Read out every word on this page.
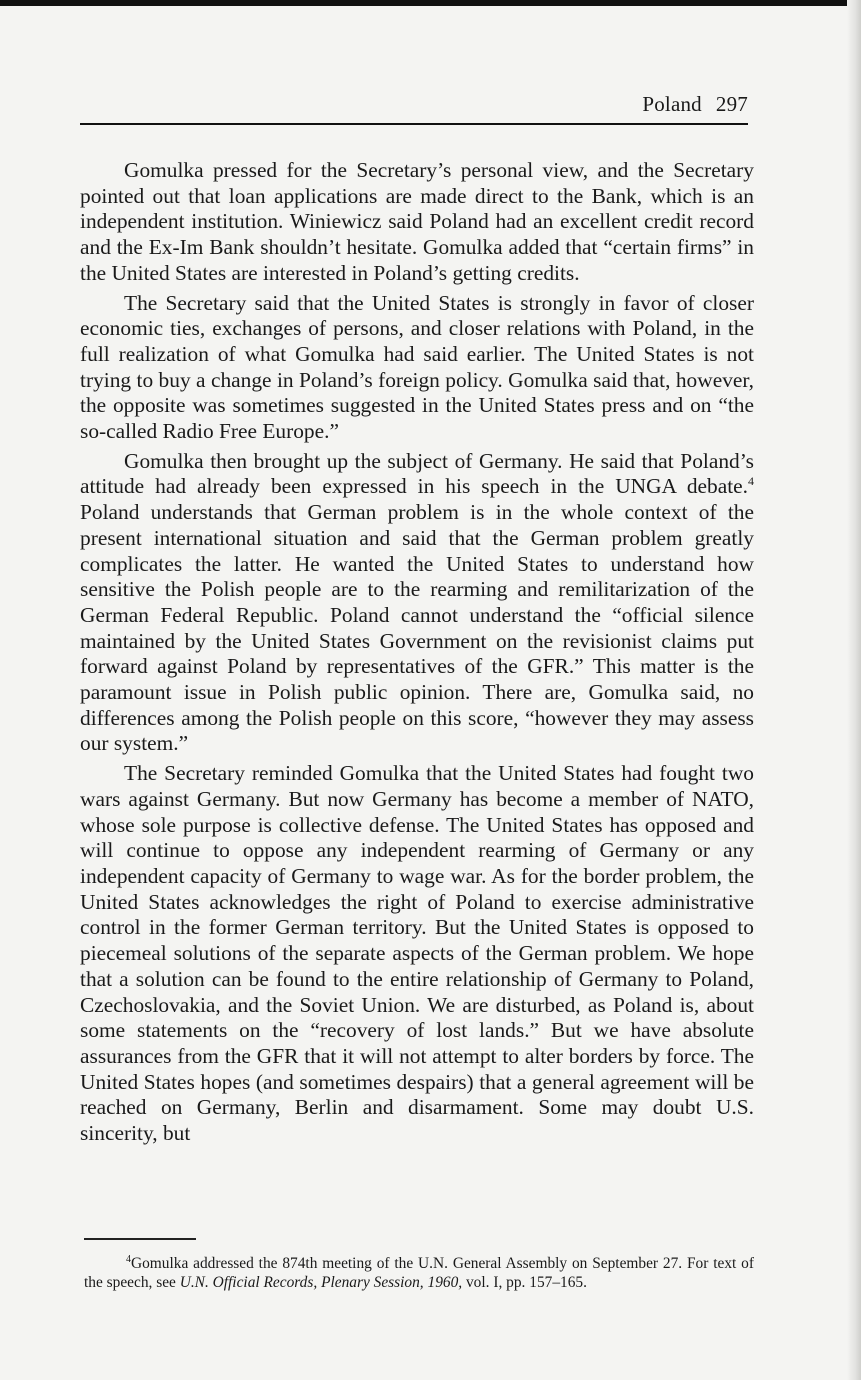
Poland 297

Gomulka pressed for the Secretary’s personal view, and the Secretary pointed out that loan applications are made direct to the Bank, which is an independent institution. Winiewicz said Poland had an excellent credit record and the Ex-Im Bank shouldn’t hesitate. Gomulka added that “certain firms” in the United States are interested in Poland’s getting credits.

The Secretary said that the United States is strongly in favor of closer economic ties, exchanges of persons, and closer relations with Poland, in the full realization of what Gomulka had said earlier. The United States is not trying to buy a change in Poland’s foreign policy. Gomulka said that, however, the opposite was sometimes suggested in the United States press and on “the so-called Radio Free Europe.”

Gomulka then brought up the subject of Germany. He said that Poland’s attitude had already been expressed in his speech in the UNGA debate.$^4$ Poland understands that German problem is in the whole context of the present international situation and said that the German problem greatly complicates the latter. He wanted the United States to understand how sensitive the Polish people are to the rearming and remilitarization of the German Federal Republic. Poland cannot understand the “official silence maintained by the United States Government on the revisionist claims put forward against Poland by representatives of the GFR.” This matter is the paramount issue in Polish public opinion. There are, Gomulka said, no differences among the Polish people on this score, “however they may assess our system.”

The Secretary reminded Gomulka that the United States had fought two wars against Germany. But now Germany has become a member of NATO, whose sole purpose is collective defense. The United States has opposed and will continue to oppose any independent rearming of Germany or any independent capacity of Germany to wage war. As for the border problem, the United States acknowledges the right of Poland to exercise administrative control in the former German territory. But the United States is opposed to piecemeal solutions of the separate aspects of the German problem. We hope that a solution can be found to the entire relationship of Germany to Poland, Czechoslovakia, and the Soviet Union. We are disturbed, as Poland is, about some statements on the “recovery of lost lands.” But we have absolute assurances from the GFR that it will not attempt to alter borders by force. The United States hopes (and sometimes despairs) that a general agreement will be reached on Germany, Berlin and disarmament. Some may doubt U.S. sincerity, but

$^4$Gomulka addressed the 874th meeting of the U.N. General Assembly on September 27. For text of the speech, see U.N. Official Records, Plenary Session, 1960, vol. I, pp. 157–165.
